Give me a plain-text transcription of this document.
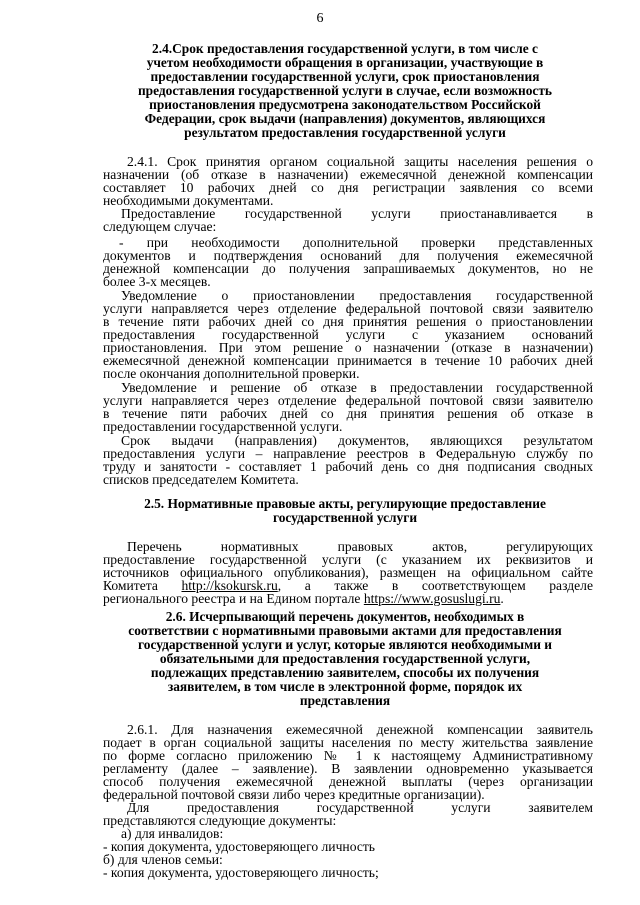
6
2.4.Срок предоставления государственной услуги, в том числе с
учетом необходимости обращения в организации, участвующие в
предоставлении государственной услуги, срок приостановления
предоставления государственной услуги в случае, если возможность
приостановления предусмотрена законодательством Российской
Федерации, срок выдачи (направления) документов, являющихся
результатом предоставления государственной услуги
2.4.1. Срок принятия органом социальной защиты населения решения о
назначении (об отказе в назначении) ежемесячной денежной компенсации
составляет 10 рабочих дней со дня регистрации заявления со всеми
необходимыми документами.
Предоставление государственной услуги приостанавливается в
следующем случае:
- при необходимости дополнительной проверки представленных
документов и подтверждения оснований для получения ежемесячной
денежной компенсации до получения запрашиваемых документов, но не
более 3-х месяцев.
Уведомление о приостановлении предоставления государственной
услуги направляется через отделение федеральной почтовой связи заявителю
в течение пяти рабочих дней со дня принятия решения о приостановлении
предоставления государственной услуги с указанием оснований
приостановления. При этом решение о назначении (отказе в назначении)
ежемесячной денежной компенсации принимается в течение 10 рабочих дней
после окончания дополнительной проверки.
Уведомление и решение об отказе в предоставлении государственной
услуги направляется через отделение федеральной почтовой связи заявителю
в течение пяти рабочих дней со дня принятия решения об отказе в
предоставлении государственной услуги.
Срок выдачи (направления) документов, являющихся результатом
предоставления услуги – направление реестров в Федеральную службу по
труду и занятости - составляет 1 рабочий день со дня подписания сводных
списков председателем Комитета.
2.5. Нормативные правовые акты, регулирующие предоставление
государственной услуги
Перечень нормативных правовых актов, регулирующих
предоставление государственной услуги (с указанием их реквизитов и
источников официального опубликования), размещен на официальном сайте
Комитета http://ksokursk.ru, а также в соответствующем разделе
регионального реестра и на Едином портале https://www.gosuslugi.ru.
2.6. Исчерпывающий перечень документов, необходимых в
соответствии с нормативными правовыми актами для предоставления
государственной услуги и услуг, которые являются необходимыми и
обязательными для предоставления государственной услуги,
подлежащих представлению заявителем, способы их получения
заявителем, в том числе в электронной форме, порядок их
представления
2.6.1. Для назначения ежемесячной денежной компенсации заявитель
подает в орган социальной защиты населения по месту жительства заявление
по форме согласно приложению № 1 к настоящему Административному
регламенту (далее – заявление). В заявлении одновременно указывается
способ получения ежемесячной денежной выплаты (через организации
федеральной почтовой связи либо через кредитные организации).
Для предоставления государственной услуги заявителем
представляются следующие документы:
а) для инвалидов:
- копия документа, удостоверяющего личность
б) для членов семьи:
- копия документа, удостоверяющего личность;
